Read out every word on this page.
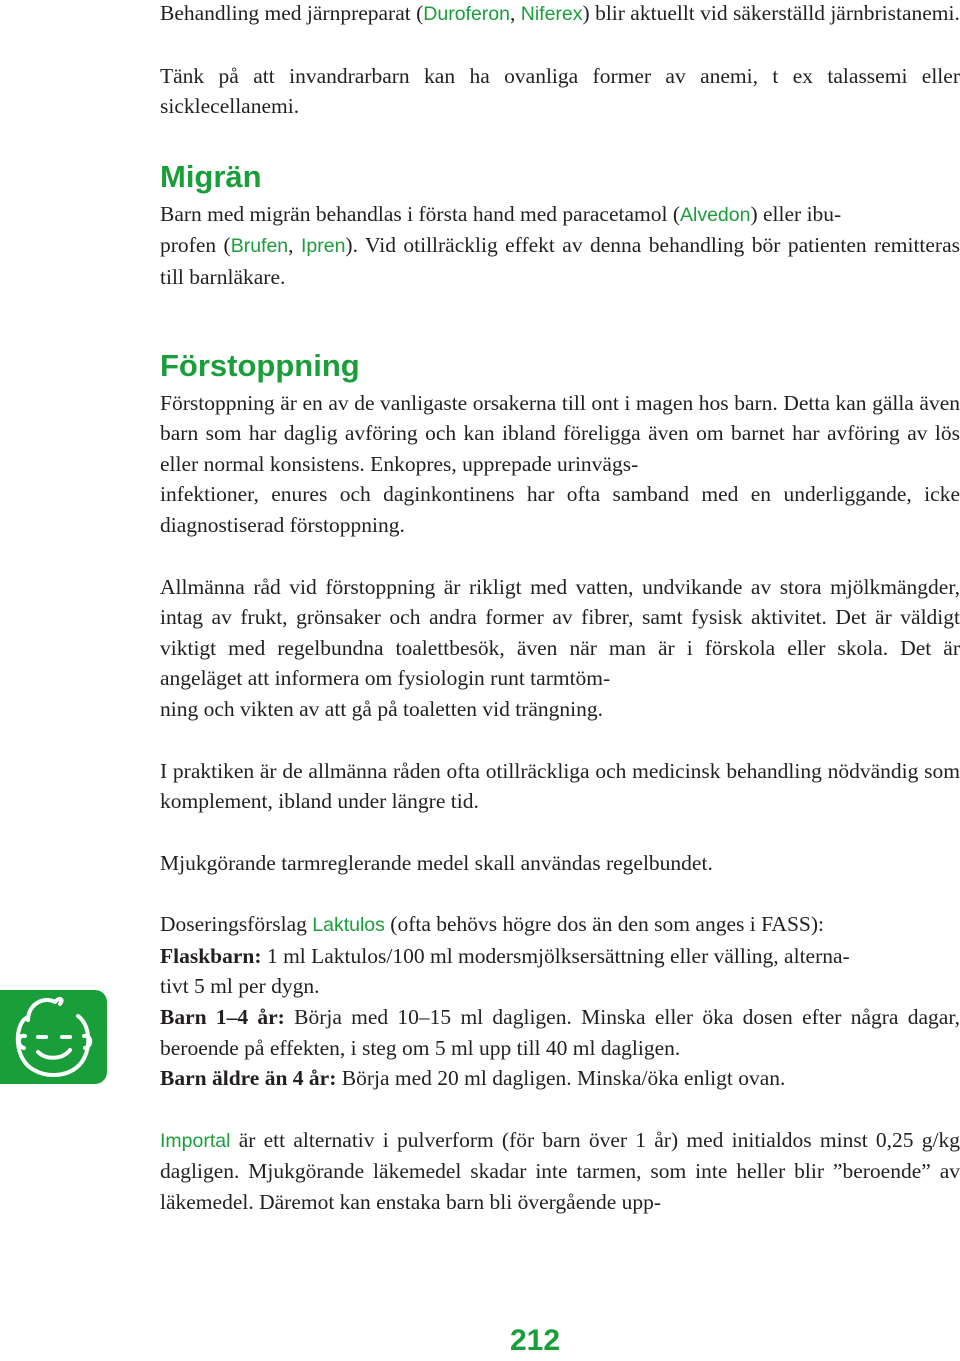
Behandling med järnpreparat (Duroferon, Niferex) blir aktuellt vid säkerställd järnbristanemi.

Tänk på att invandrarbarn kan ha ovanliga former av anemi, t ex talassemi eller sicklecellanemi.

Migrän

Barn med migrän behandlas i första hand med paracetamol (Alvedon) eller ibu-
profen (Brufen, Ipren). Vid otillräcklig effekt av denna behandling bör patienten remitteras till barnläkare.

Förstoppning

Förstoppning är en av de vanligaste orsakerna till ont i magen hos barn. Detta kan gälla även barn som har daglig avföring och kan ibland föreligga även om barnet har avföring av lös eller normal konsistens. Enkopres, upprepade urinvägs-
infektioner, enures och daginkontinens har ofta samband med en underliggande, icke diagnostiserad förstoppning.

Allmänna råd vid förstoppning är rikligt med vatten, undvikande av stora mjölkmängder, intag av frukt, grönsaker och andra former av fibrer, samt fysisk aktivitet. Det är väldigt viktigt med regelbundna toalettbesök, även när man är i förskola eller skola. Det är angeläget att informera om fysiologin runt tarmtöm-
ning och vikten av att gå på toaletten vid trängning.

I praktiken är de allmänna råden ofta otillräckliga och medicinsk behandling nödvändig som komplement, ibland under längre tid.

Mjukgörande tarmreglerande medel skall användas regelbundet.

Doseringsförslag Laktulos (ofta behövs högre dos än den som anges i FASS):
Flaskbarn: 1 ml Laktulos/100 ml modersmjölksersättning eller välling, alterna-
tivt 5 ml per dygn.
Barn 1–4 år: Börja med 10–15 ml dagligen. Minska eller öka dosen efter några dagar, beroende på effekten, i steg om 5 ml upp till 40 ml dagligen.
Barn äldre än 4 år: Börja med 20 ml dagligen. Minska/öka enligt ovan.

Importal är ett alternativ i pulverform (för barn över 1 år) med initialdos minst 0,25 g/kg dagligen. Mjukgörande läkemedel skadar inte tarmen, som inte heller blir ”beroende” av läkemedel. Däremot kan enstaka barn bli övergående upp-

212
